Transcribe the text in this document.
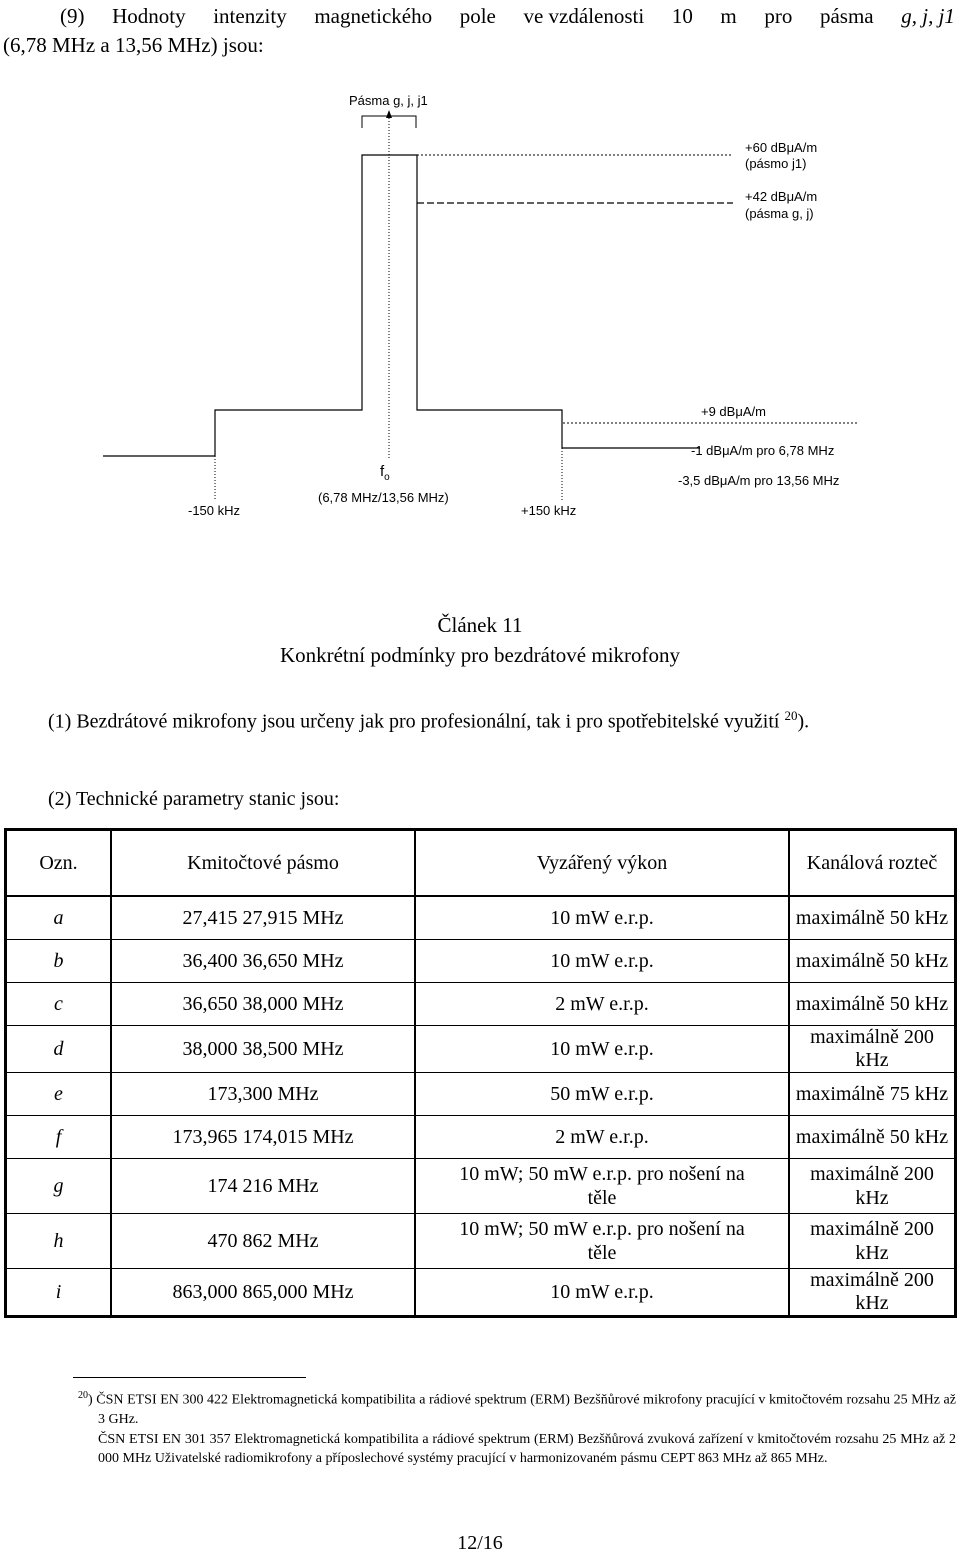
(9) Hodnoty intenzity magnetického pole ve vzdálenosti 10 m pro pásma g, j, j1
(6,78 MHz a 13,56 MHz) jsou:
Pásma g, j, j1
+60 dBμA/m
(pásmo j1)
+42 dBμA/m
(pásma g, j)
+9 dBμA/m
-1 dBμA/m pro 6,78 MHz
-3,5 dBμA/m pro 13,56 MHz
$f_o$
(6,78 MHz/13,56 MHz)
-150 kHz	+150 kHz
Článek 11
Konkrétní podmínky pro bezdrátové mikrofony
(1) Bezdrátové mikrofony jsou určeny jak pro profesionální, tak i pro spotřebitelské využití $^{20}$).
(2) Technické parametry stanic jsou:
Ozn.	Kmitočtové pásmo	Vyzářený výkon	Kanálová rozteč
a	27,415 27,915 MHz	10 mW e.r.p.	maximálně 50 kHz
b	36,400 36,650 MHz	10 mW e.r.p.	maximálně 50 kHz
c	36,650 38,000 MHz	2 mW e.r.p.	maximálně 50 kHz
d	38,000 38,500 MHz	10 mW e.r.p.	maximálně 200 kHz
e	173,300 MHz	50 mW e.r.p.	maximálně 75 kHz
f	173,965 174,015 MHz	2 mW e.r.p.	maximálně 50 kHz
g	174 216 MHz	10 mW; 50 mW e.r.p. pro nošení na těle	maximálně 200 kHz
h	470 862 MHz	10 mW; 50 mW e.r.p. pro nošení na těle	maximálně 200 kHz
i	863,000 865,000 MHz	10 mW e.r.p.	maximálně 200 kHz
$^{20}$) ČSN ETSI EN 300 422 Elektromagnetická kompatibilita a rádiové spektrum (ERM) Bezšňůrové mikrofony pracující v kmitočtovém rozsahu 25 MHz až 3 GHz.
ČSN ETSI EN 301 357 Elektromagnetická kompatibilita a rádiové spektrum (ERM) Bezšňůrová zvuková zařízení v kmitočtovém rozsahu 25 MHz až 2 000 MHz Uživatelské radiomikrofony a příposlechové systémy pracující v harmonizovaném pásmu CEPT 863 MHz až 865 MHz.
12/16
